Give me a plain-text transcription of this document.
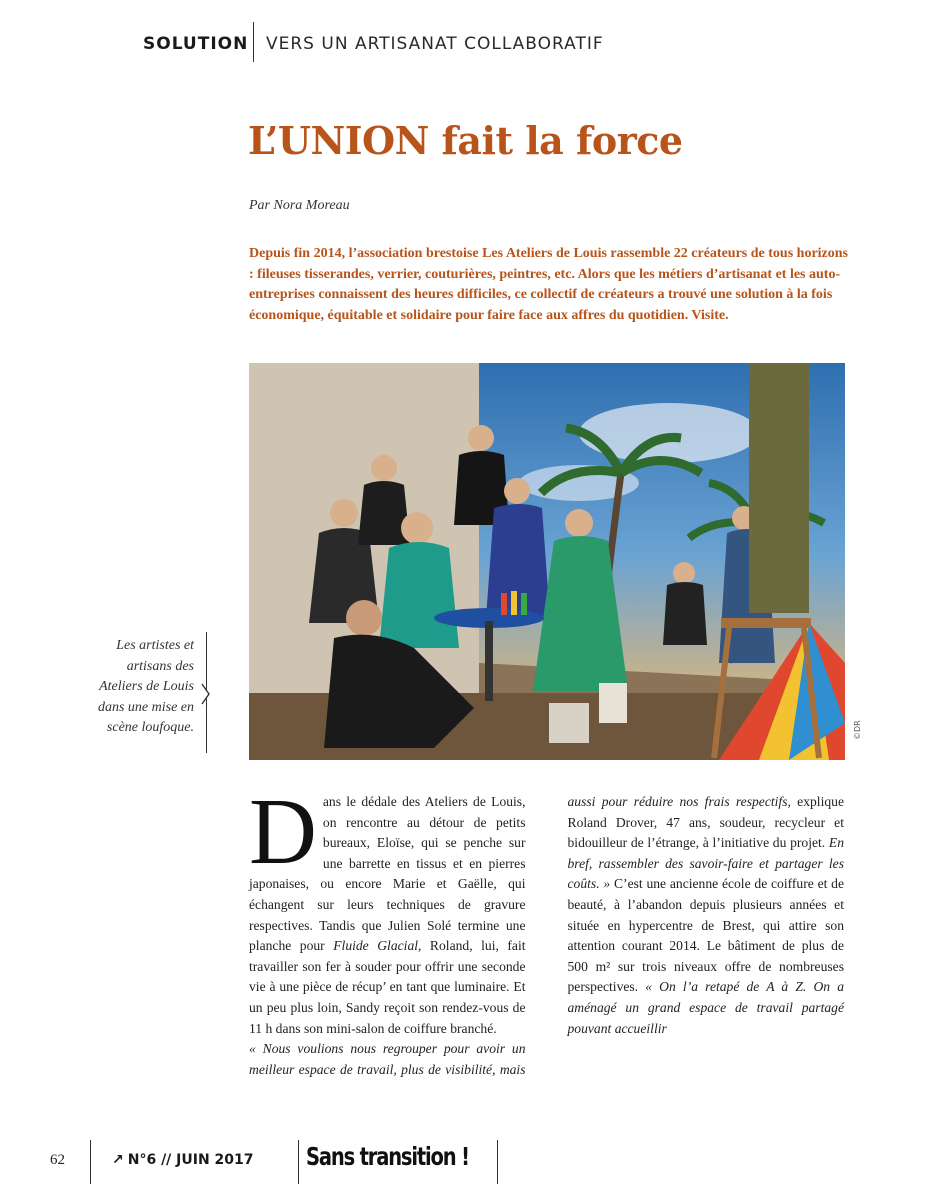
SOLUTION VERS UN ARTISANAT COLLABORATIF
L’UNION fait la force
Par Nora Moreau

Depuis fin 2014, l’association brestoise Les Ateliers de Louis rassemble 22 créateurs de tous horizons : fileuses tisserandes, verrier, couturières, peintres, etc. Alors que les métiers d’artisanat et les auto-entreprises connaissent des heures difficiles, ce collectif de créateurs a trouvé une solution à la fois économique, équitable et solidaire pour faire face aux affres du quotidien. Visite.

©DR

Les artistes et artisans des Ateliers de Louis dans une mise en scène loufoque.

Dans le dédale des Ateliers de Louis, on rencontre au détour de petits bureaux, Eloïse, qui se penche sur une barrette en tissus et en pierres japonaises, ou encore Marie et Gaëlle, qui échangent sur leurs techniques de gravure respectives. Tandis que Julien Solé termine une planche pour Fluide Glacial, Roland, lui, fait travailler son fer à souder pour offrir une seconde vie à une pièce de récup’ en tant que luminaire. Et un peu plus loin, Sandy reçoit son rendez-vous de 11 h dans son mini-salon de coiffure branché.

« Nous voulions nous regrouper pour avoir un meilleur espace de travail, plus de visibilité, mais aussi pour réduire nos frais respectifs, explique Roland Drover, 47 ans, soudeur, recycleur et bidouilleur de l’étrange, à l’initiative du projet. En bref, rassembler des savoir-faire et partager les coûts. » C’est une ancienne école de coiffure et de beauté, à l’abandon depuis plusieurs années et située en hypercentre de Brest, qui attire son attention courant 2014. Le bâtiment de plus de 500 m² sur trois niveaux offre de nombreuses perspectives. « On l’a retapé de A à Z. On a aménagé un grand espace de travail partagé pouvant accueillir

62	↗ N°6 // JUIN 2017 Sans transition !
